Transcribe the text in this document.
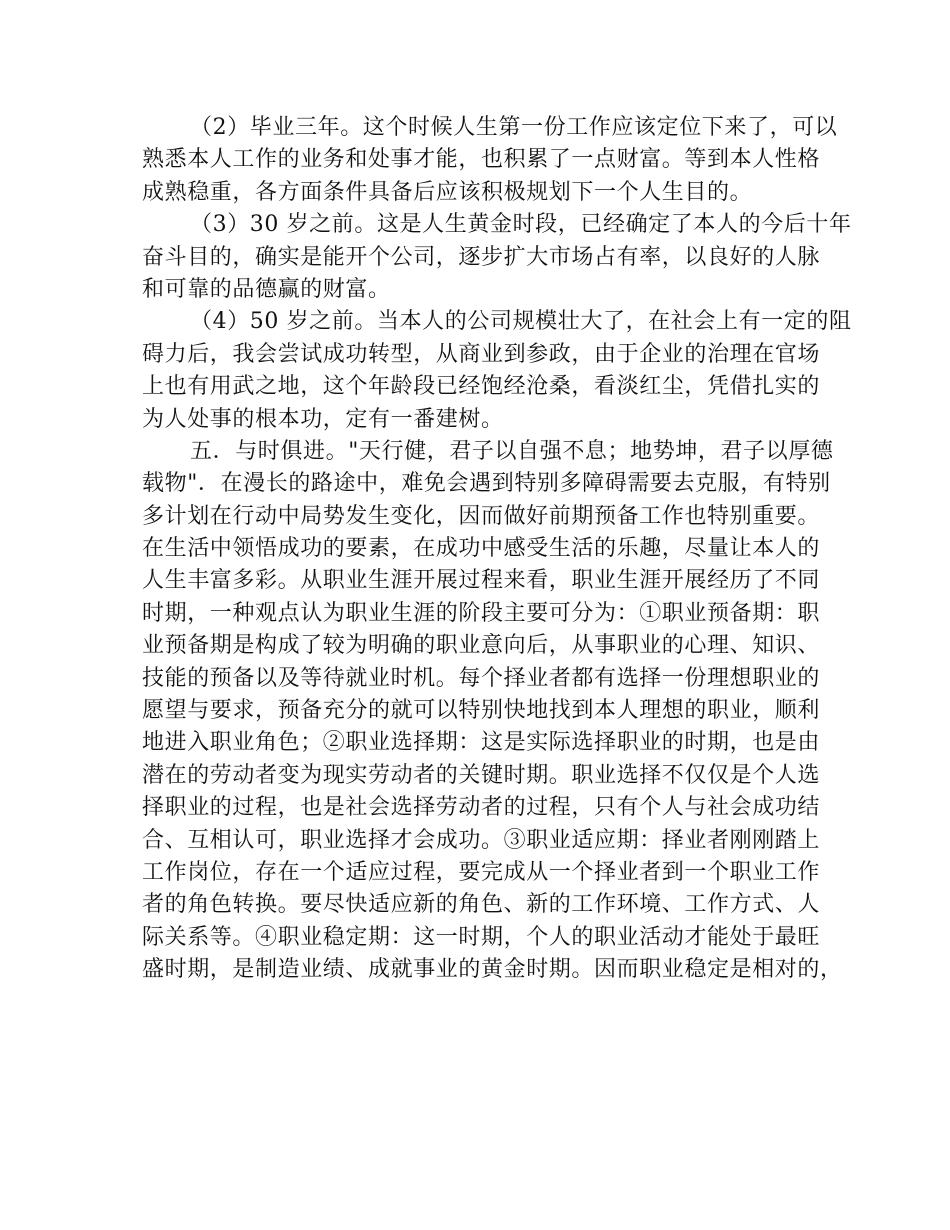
（2）毕业三年。这个时候人生第一份工作应该定位下来了，可以
熟悉本人工作的业务和处事才能，也积累了一点财富。等到本人性格
成熟稳重，各方面条件具备后应该积极规划下一个人生目的。
（3）30 岁之前。这是人生黄金时段，已经确定了本人的今后十年
奋斗目的，确实是能开个公司，逐步扩大市场占有率，以良好的人脉
和可靠的品德赢的财富。
（4）50 岁之前。当本人的公司规模壮大了，在社会上有一定的阻
碍力后，我会尝试成功转型，从商业到参政，由于企业的治理在官场
上也有用武之地，这个年龄段已经饱经沧桑，看淡红尘，凭借扎实的
为人处事的根本功，定有一番建树。
五．与时俱进。"天行健，君子以自强不息；地势坤，君子以厚德
载物"．在漫长的路途中，难免会遇到特别多障碍需要去克服，有特别
多计划在行动中局势发生变化，因而做好前期预备工作也特别重要。
在生活中领悟成功的要素，在成功中感受生活的乐趣，尽量让本人的
人生丰富多彩。从职业生涯开展过程来看，职业生涯开展经历了不同
时期，一种观点认为职业生涯的阶段主要可分为：①职业预备期：职
业预备期是构成了较为明确的职业意向后，从事职业的心理、知识、
技能的预备以及等待就业时机。每个择业者都有选择一份理想职业的
愿望与要求，预备充分的就可以特别快地找到本人理想的职业，顺利
地进入职业角色；②职业选择期：这是实际选择职业的时期，也是由
潜在的劳动者变为现实劳动者的关键时期。职业选择不仅仅是个人选
择职业的过程，也是社会选择劳动者的过程，只有个人与社会成功结
合、互相认可，职业选择才会成功。③职业适应期：择业者刚刚踏上
工作岗位，存在一个适应过程，要完成从一个择业者到一个职业工作
者的角色转换。要尽快适应新的角色、新的工作环境、工作方式、人
际关系等。④职业稳定期：这一时期，个人的职业活动才能处于最旺
盛时期，是制造业绩、成就事业的黄金时期。因而职业稳定是相对的，
